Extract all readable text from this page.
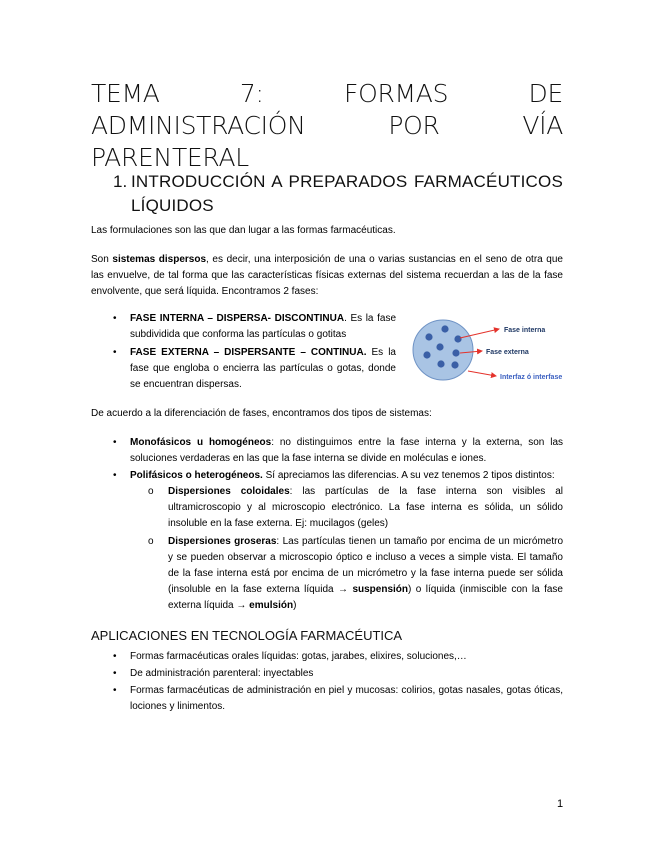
TEMA 7: FORMAS DE ADMINISTRACIÓN POR VÍA PARENTERAL
1. INTRODUCCIÓN A PREPARADOS FARMACÉUTICOS LÍQUIDOS
Las formulaciones son las que dan lugar a las formas farmacéuticas.
Son sistemas dispersos, es decir, una interposición de una o varias sustancias en el seno de otra que las envuelve, de tal forma que las características físicas externas del sistema recuerdan a las de la fase envolvente, que será líquida. Encontramos 2 fases:
• FASE INTERNA – DISPERSA- DISCONTINUA. Es la fase subdividida que conforma las partículas o gotitas
• FASE EXTERNA – DISPERSANTE – CONTINUA. Es la fase que engloba o encierra las partículas o gotas, donde se encuentran dispersas.
Fase interna
Fase externa
Interfaz ó interfase
De acuerdo a la diferenciación de fases, encontramos dos tipos de sistemas:
• Monofásicos u homogéneos: no distinguimos entre la fase interna y la externa, son las soluciones verdaderas en las que la fase interna se divide en moléculas e iones.
• Polifásicos o heterogéneos. Sí apreciamos las diferencias. A su vez tenemos 2 tipos distintos:
o Dispersiones coloidales: las partículas de la fase interna son visibles al ultramicroscopio y al microscopio electrónico. La fase interna es sólida, un sólido insoluble en la fase externa. Ej: mucilagos (geles)
o Dispersiones groseras: Las partículas tienen un tamaño por encima de un micrómetro y se pueden observar a microscopio óptico e incluso a veces a simple vista. El tamaño de la fase interna está por encima de un micrómetro y la fase interna puede ser sólida (insoluble en la fase externa líquida → suspensión) o líquida (inmiscible con la fase externa líquida → emulsión)
APLICACIONES EN TECNOLOGÍA FARMACÉUTICA
• Formas farmacéuticas orales líquidas: gotas, jarabes, elixires, soluciones,…
• De administración parenteral: inyectables
• Formas farmacéuticas de administración en piel y mucosas: colirios, gotas nasales, gotas óticas, lociones y linimentos.
1
